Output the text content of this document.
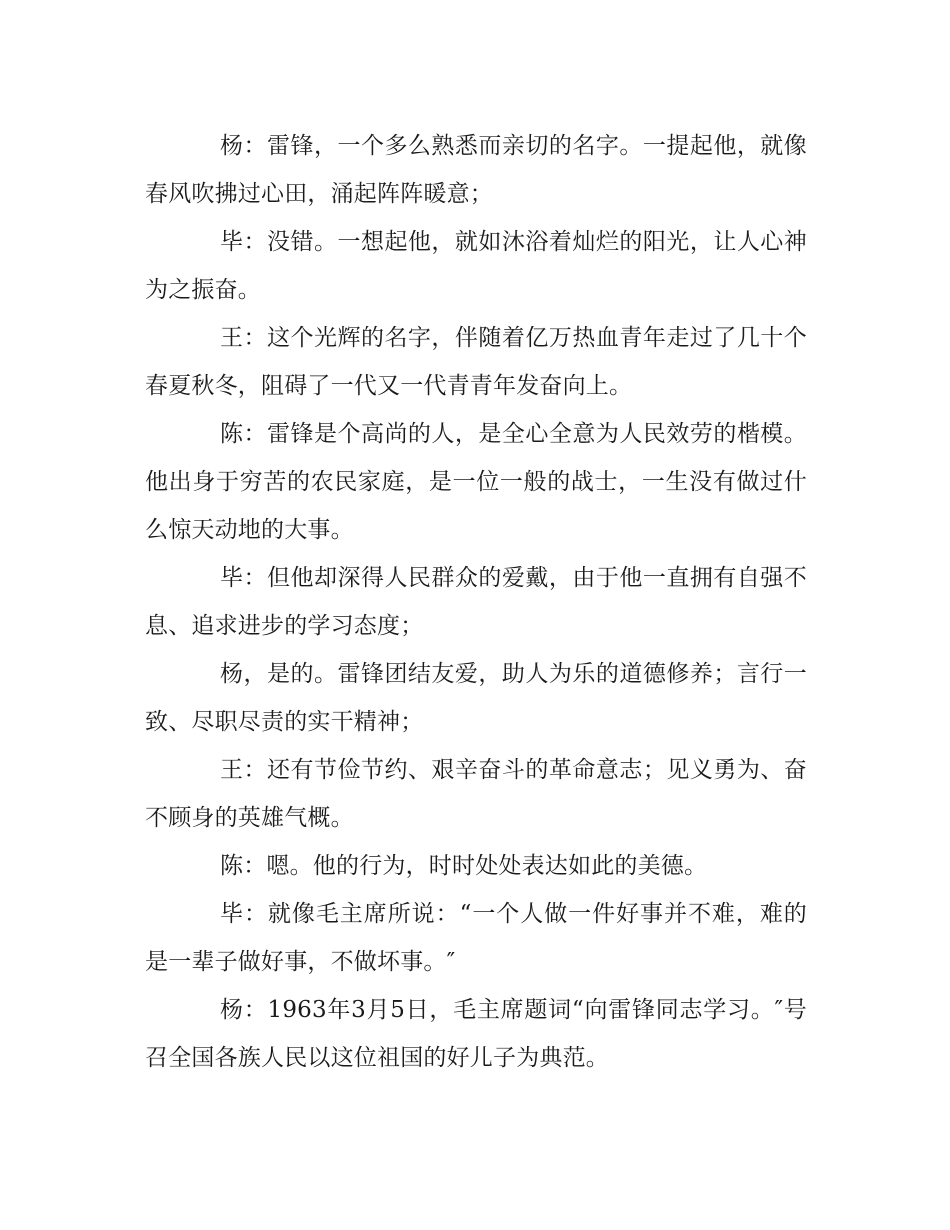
杨：雷锋，一个多么熟悉而亲切的名字。一提起他，就像春风吹拂过心田，涌起阵阵暖意；

毕：没错。一想起他，就如沐浴着灿烂的阳光，让人心神为之振奋。

王：这个光辉的名字，伴随着亿万热血青年走过了几十个春夏秋冬，阻碍了一代又一代青青年发奋向上。

陈：雷锋是个高尚的人，是全心全意为人民效劳的楷模。他出身于穷苦的农民家庭，是一位一般的战士，一生没有做过什么惊天动地的大事。

毕：但他却深得人民群众的爱戴，由于他一直拥有自强不息、追求进步的学习态度；

杨，是的。雷锋团结友爱，助人为乐的道德修养；言行一致、尽职尽责的实干精神；

王：还有节俭节约、艰辛奋斗的革命意志；见义勇为、奋不顾身的英雄气概。

陈：嗯。他的行为，时时处处表达如此的美德。

毕：就像毛主席所说：“一个人做一件好事并不难，难的是一辈子做好事，不做坏事。″

杨：1963年3月5日，毛主席题词“向雷锋同志学习。″号召全国各族人民以这位祖国的好儿子为典范。
